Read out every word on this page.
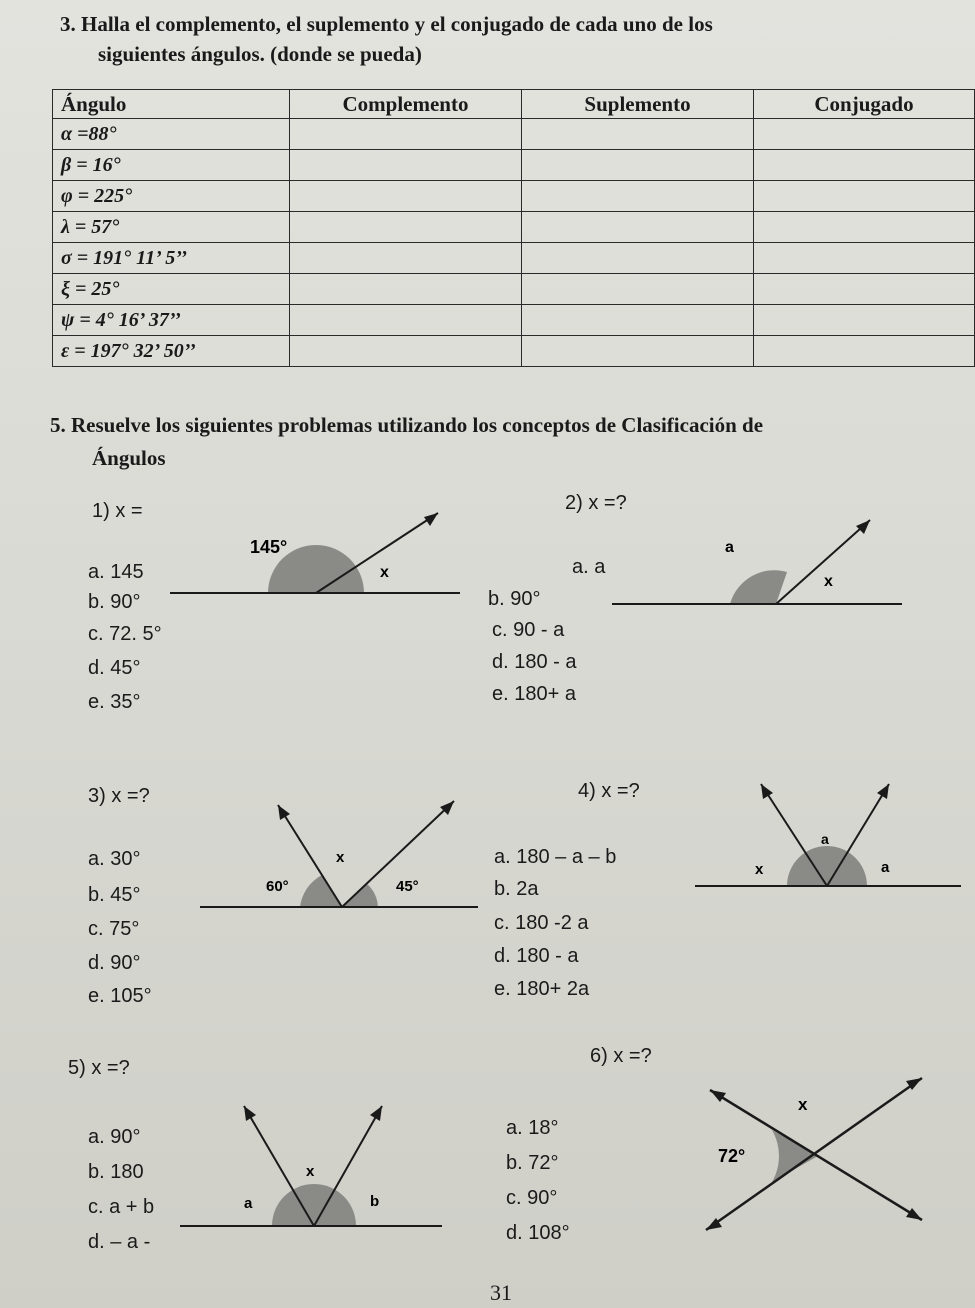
3. Halla el complemento, el suplemento y el conjugado de cada uno de los
siguientes ángulos. (donde se pueda)
Ángulo	Complemento	Suplemento	Conjugado
α =88°			
β = 16°			
φ = 225°			
λ = 57°			
σ = 191° 11’ 5’’			
ξ = 25°			
ψ = 4° 16’ 37’’			
ε = 197° 32’ 50’’			
5. Resuelve los siguientes problemas utilizando los conceptos de Clasificación de
Ángulos
1) x =
a. 145
b. 90°
c. 72. 5°
d. 45°
e. 35°
145°
x
2) x =?
a. a
b. 90°
c. 90 - a
d. 180 - a
e. 180+ a
a
x
3) x =?
a. 30°
b. 45°
c. 75°
d. 90°
e. 105°
60°
x
45°
4) x =?
a. 180 – a – b
b. 2a
c. 180 -2 a
d. 180 - a
e. 180+ 2a
a
x	a
5) x =?
a. 90°
b. 180
c. a + b
d. – a -
a
x
b
6) x =?
a. 18°
b. 72°
c. 90°
d. 108°
x
72°
31
